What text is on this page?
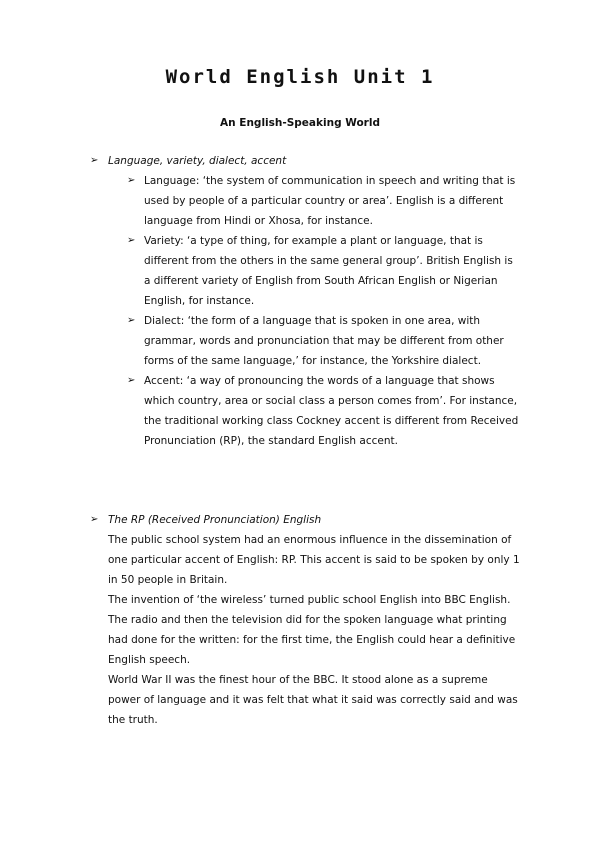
World English Unit 1
An English-Speaking World
➢ Language, variety, dialect, accent
➢ Language: ‘the system of communication in speech and writing that is used by people of a particular country or area’. English is a different language from Hindi or Xhosa, for instance.
➢ Variety: ‘a type of thing, for example a plant or language, that is different from the others in the same general group’. British English is a different variety of English from South African English or Nigerian English, for instance.
➢ Dialect: ‘the form of a language that is spoken in one area, with grammar, words and pronunciation that may be different from other forms of the same language,’ for instance, the Yorkshire dialect.
➢ Accent: ‘a way of pronouncing the words of a language that shows which country, area or social class a person comes from’. For instance, the traditional working class Cockney accent is different from Received Pronunciation (RP), the standard English accent.
➢ The RP (Received Pronunciation) English
The public school system had an enormous influence in the dissemination of one particular accent of English: RP. This accent is said to be spoken by only 1 in 50 people in Britain.
The invention of ‘the wireless’ turned public school English into BBC English.
The radio and then the television did for the spoken language what printing had done for the written: for the first time, the English could hear a definitive English speech.
World War II was the finest hour of the BBC. It stood alone as a supreme power of language and it was felt that what it said was correctly said and was the truth.
